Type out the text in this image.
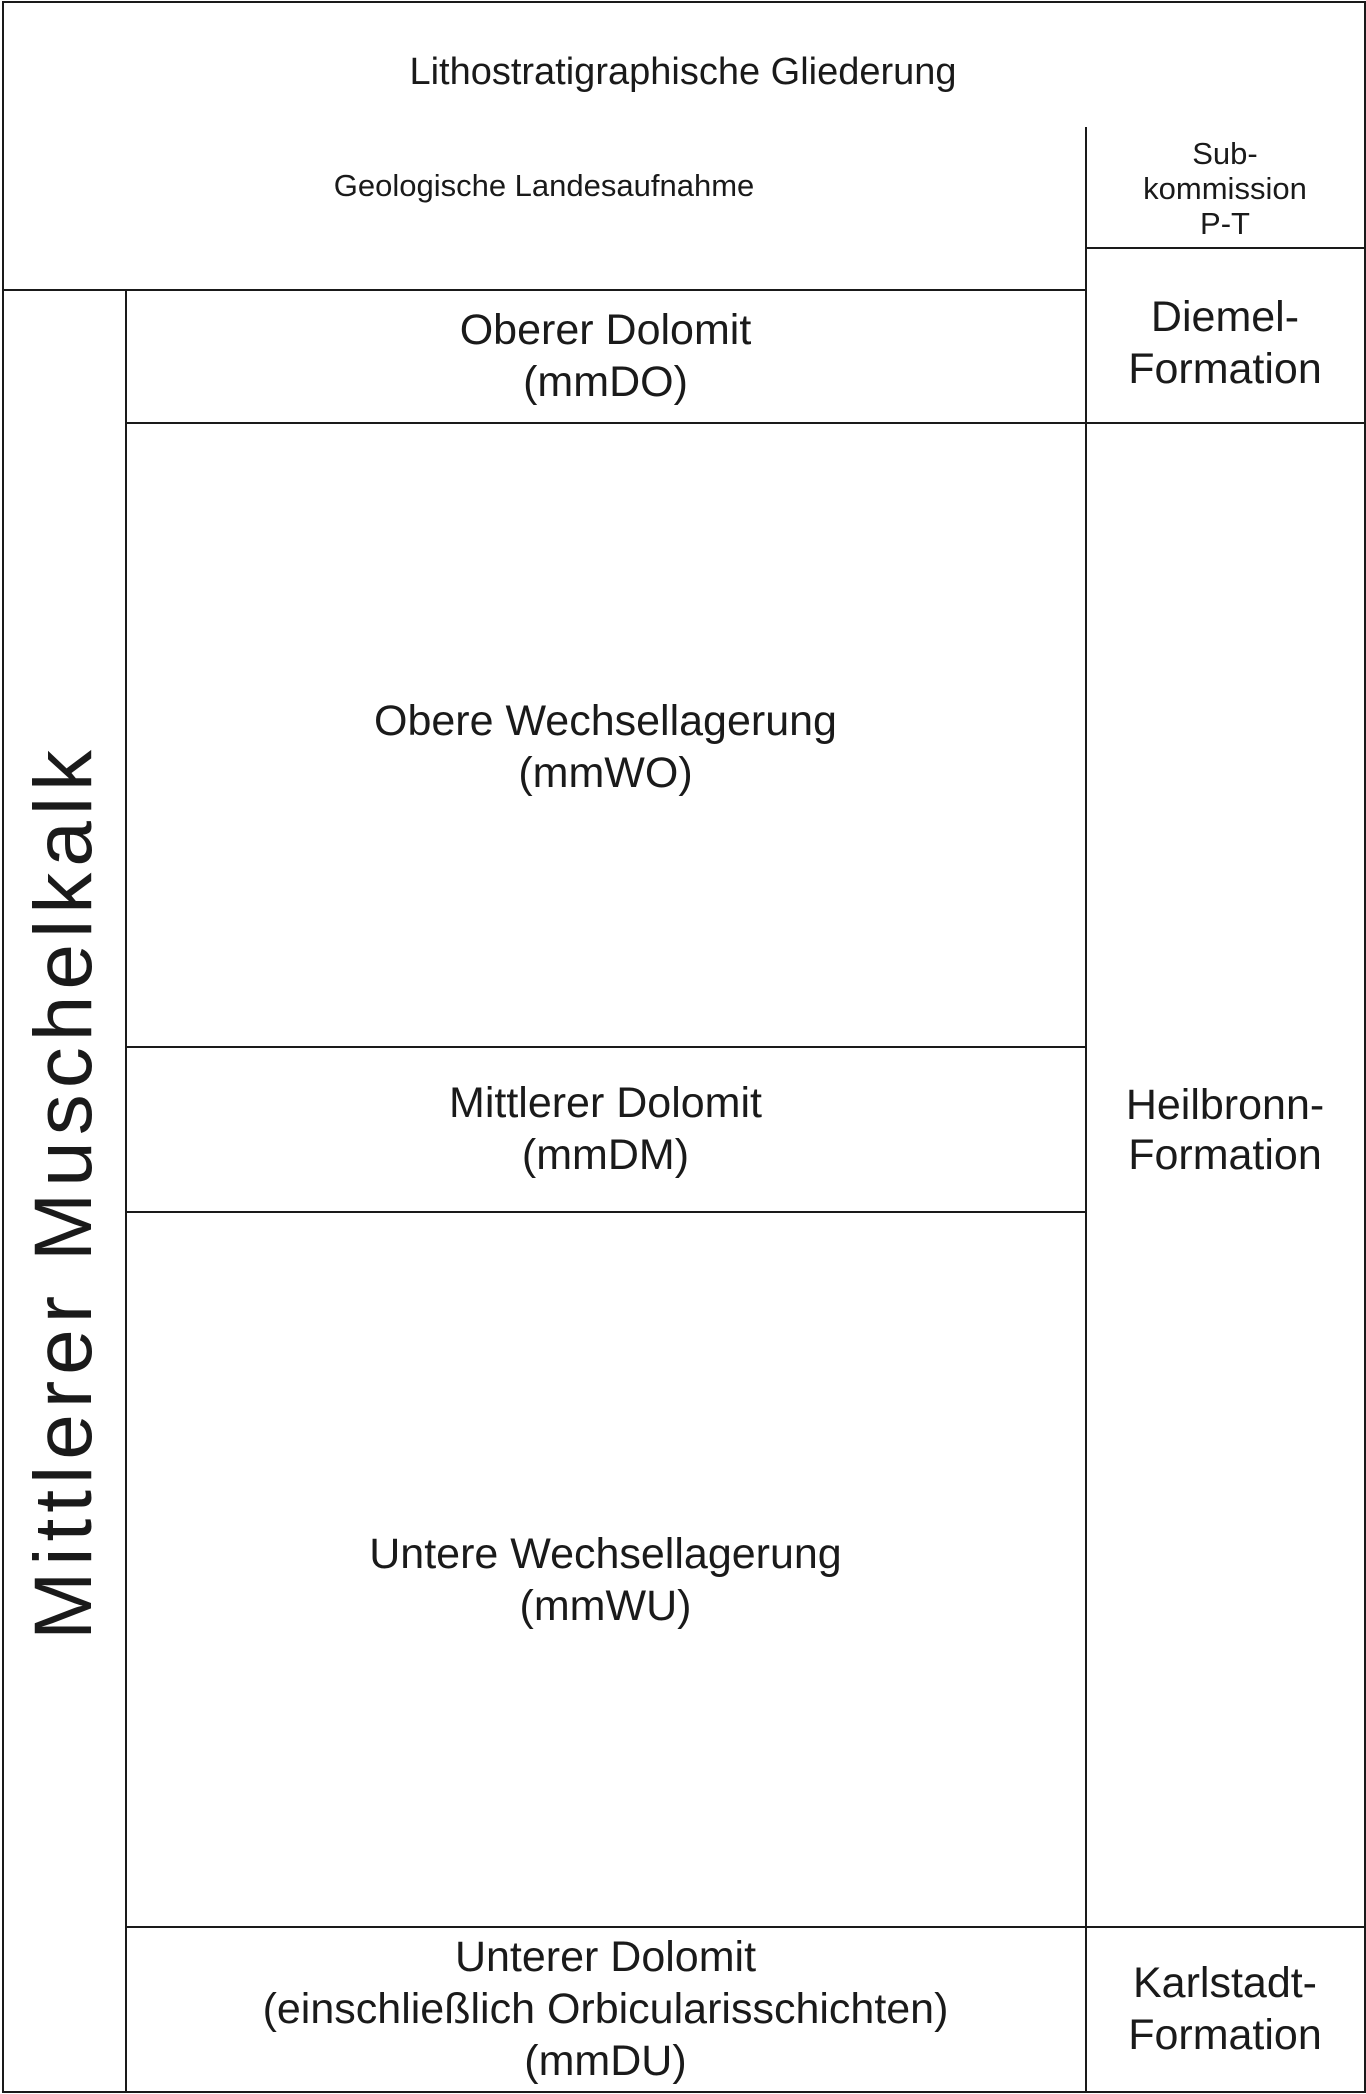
Lithostratigraphische Gliederung
Geologische Landesaufnahme
Sub-
kommission
P-T
Mittlerer Muschelkalk
Oberer Dolomit
(mmDO)
Obere Wechsellagerung
(mmWO)
Mittlerer Dolomit
(mmDM)
Untere Wechsellagerung
(mmWU)
Unterer Dolomit
(einschließlich Orbicularisschichten)
(mmDU)
Diemel-
Formation
Heilbronn-
Formation
Karlstadt-
Formation
